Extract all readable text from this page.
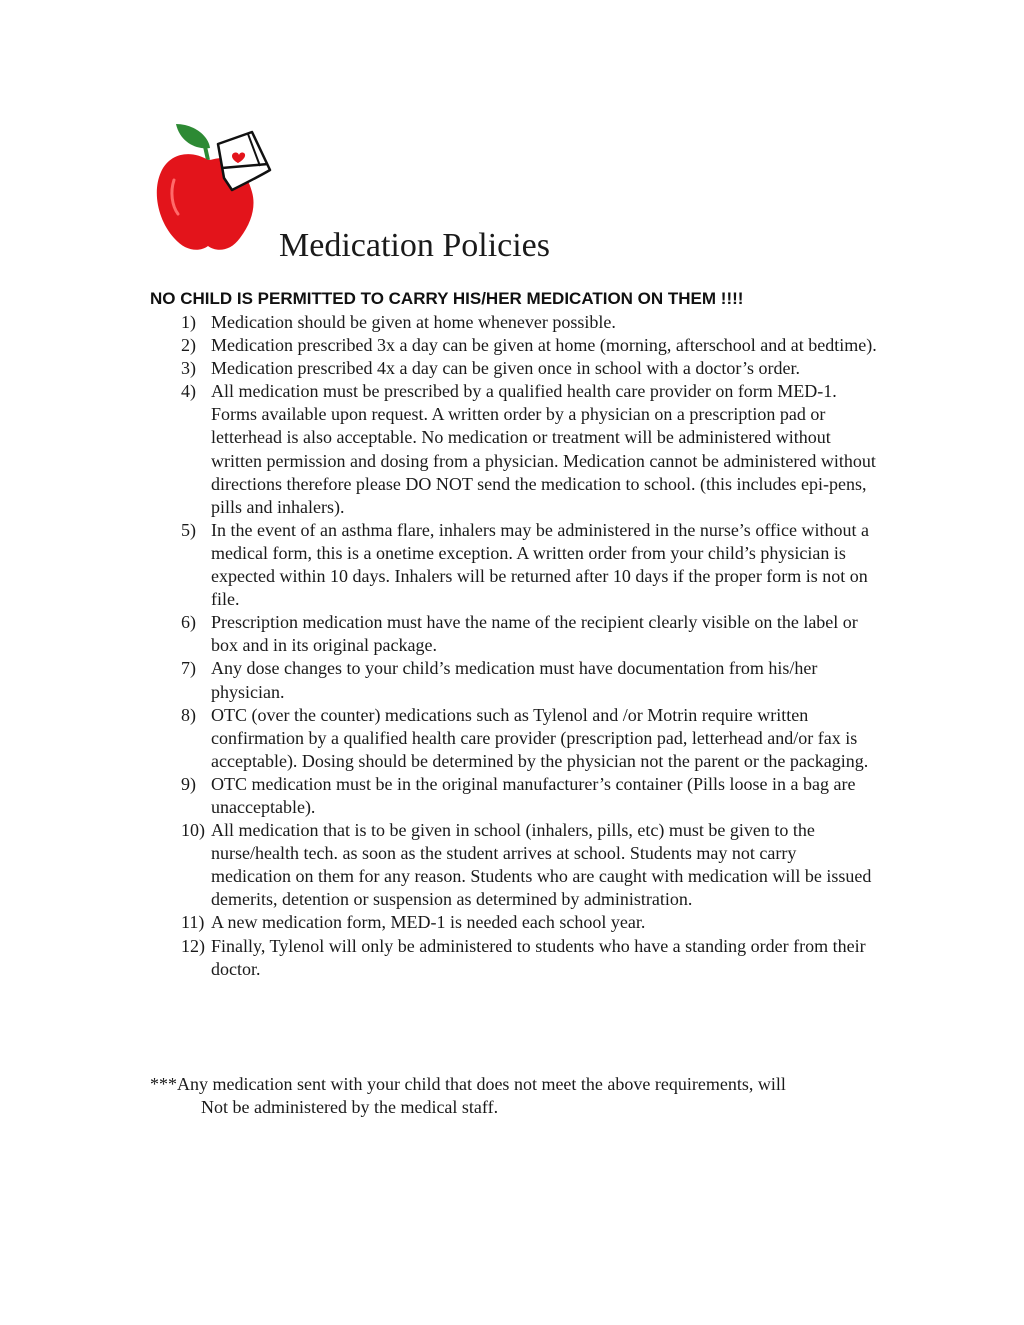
Medication Policies
NO CHILD IS PERMITTED TO CARRY HIS/HER MEDICATION ON THEM !!!!
1) Medication should be given at home whenever possible.
2) Medication prescribed 3x a day can be given at home (morning, afterschool and at bedtime).
3) Medication prescribed 4x a day can be given once in school with a doctor’s order.
4) All medication must be prescribed by a qualified health care provider on form MED-1. Forms available upon request. A written order by a physician on a prescription pad or letterhead is also acceptable. No medication or treatment will be administered without written permission and dosing from a physician. Medication cannot be administered without directions therefore please DO NOT send the medication to school. (this includes epi-pens, pills and inhalers).
5) In the event of an asthma flare, inhalers may be administered in the nurse’s office without a medical form, this is a onetime exception. A written order from your child’s physician is expected within 10 days. Inhalers will be returned after 10 days if the proper form is not on file.
6) Prescription medication must have the name of the recipient clearly visible on the label or box and in its original package.
7) Any dose changes to your child’s medication must have documentation from his/her physician.
8) OTC (over the counter) medications such as Tylenol and /or Motrin require written confirmation by a qualified health care provider (prescription pad, letterhead and/or fax is acceptable). Dosing should be determined by the physician not the parent or the packaging.
9) OTC medication must be in the original manufacturer’s container (Pills loose in a bag are unacceptable).
10) All medication that is to be given in school (inhalers, pills, etc) must be given to the nurse/health tech. as soon as the student arrives at school. Students may not carry medication on them for any reason. Students who are caught with medication will be issued demerits, detention or suspension as determined by administration.
11) A new medication form, MED-1 is needed each school year.
12) Finally, Tylenol will only be administered to students who have a standing order from their doctor.
***Any medication sent with your child that does not meet the above requirements, will
Not be administered by the medical staff.
